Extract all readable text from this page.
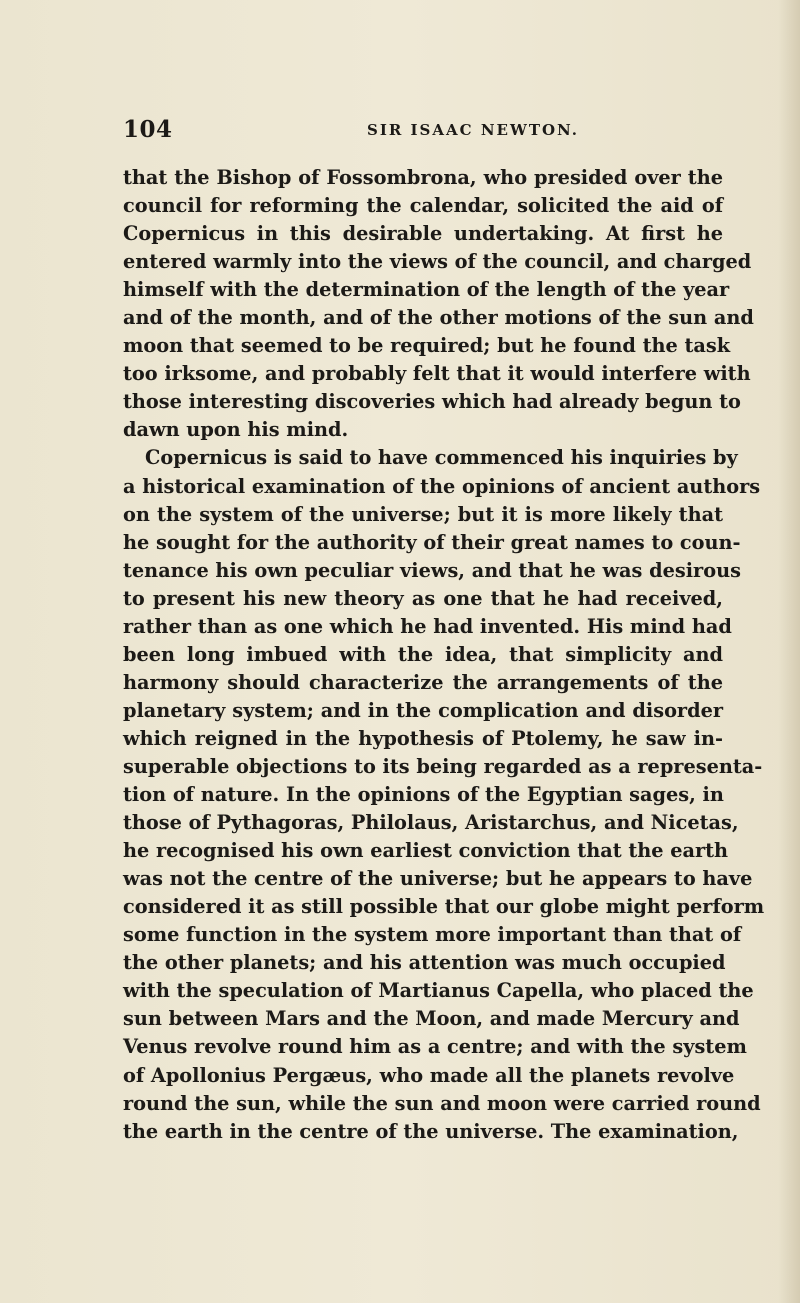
104	SIR ISAAC NEWTON.
that the Bishop of Fossombrona, who presided over the
council for reforming the calendar, solicited the aid of
Copernicus in this desirable undertaking. At first he
entered warmly into the views of the council, and charged
himself with the determination of the length of the year
and of the month, and of the other motions of the sun and
moon that seemed to be required; but he found the task
too irksome, and probably felt that it would interfere with
those interesting discoveries which had already begun to
dawn upon his mind.
Copernicus is said to have commenced his inquiries by
a historical examination of the opinions of ancient authors
on the system of the universe; but it is more likely that
he sought for the authority of their great names to coun-
tenance his own peculiar views, and that he was desirous
to present his new theory as one that he had received,
rather than as one which he had invented. His mind had
been long imbued with the idea, that simplicity and
harmony should characterize the arrangements of the
planetary system; and in the complication and disorder
which reigned in the hypothesis of Ptolemy, he saw in-
superable objections to its being regarded as a representa-
tion of nature. In the opinions of the Egyptian sages, in
those of Pythagoras, Philolaus, Aristarchus, and Nicetas,
he recognised his own earliest conviction that the earth
was not the centre of the universe; but he appears to have
considered it as still possible that our globe might perform
some function in the system more important than that of
the other planets; and his attention was much occupied
with the speculation of Martianus Capella, who placed the
sun between Mars and the Moon, and made Mercury and
Venus revolve round him as a centre; and with the system
of Apollonius Pergæus, who made all the planets revolve
round the sun, while the sun and moon were carried round
the earth in the centre of the universe. The examination,
